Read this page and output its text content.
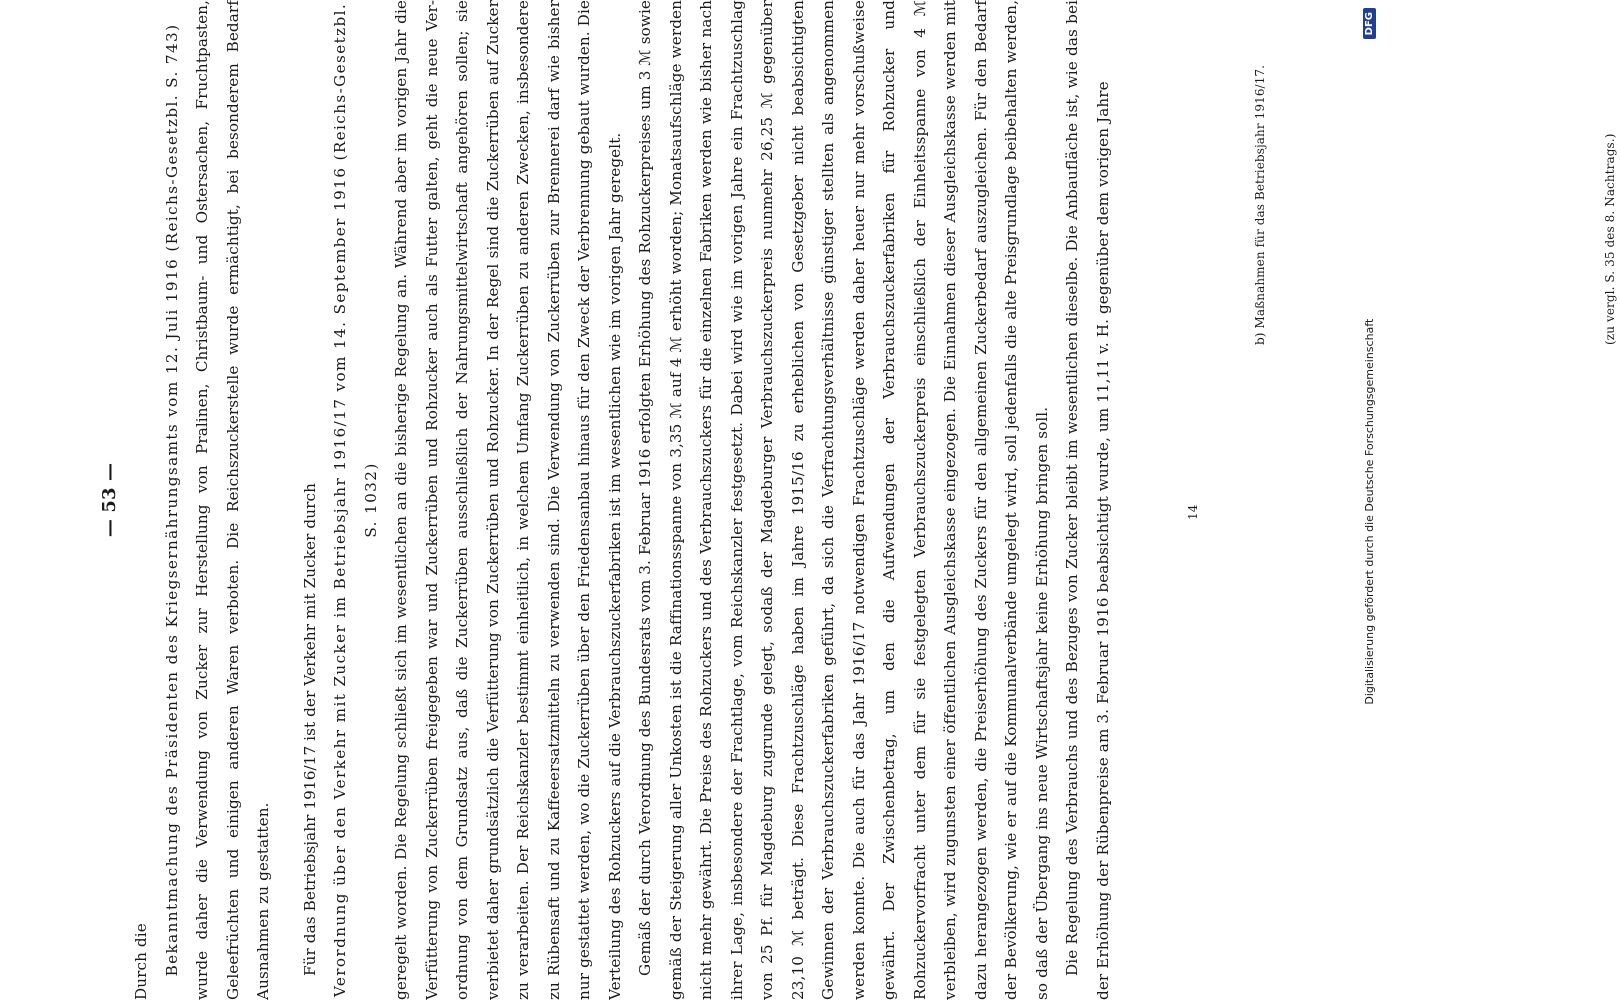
— 53 —
Durch die Bekanntmachung des Präsidenten des Kriegsernährungsamts vom 12. Juli 1916 (Reichs-Gesetzbl. S. 743) wurde daher die Verwendung von Zucker zur Herstellung von Pralinen, Christbaum- und Ostersachen, Fruchtpasten, Geleefrüchten und einigen anderen Waren verboten. Die Reichszuckerstelle wurde ermächtigt, bei besonderem Bedarf Ausnahmen zu gestatten.	Für das Betriebsjahr 1916/17 ist der Verkehr mit Zucker durch Verordnung über den Verkehr mit Zucker im Betriebsjahr 1916/17 vom 14. September 1916 (Reichs-Gesetzbl. S. 1032) geregelt worden. Die Regelung schließt sich im wesentlichen an die bisherige Regelung an. Während aber im vorigen Jahr die Verfütterung von Zuckerrüben freigegeben war und Zuckerrüben und Rohzucker auch als Futter galten, geht die neue Verordnung von dem Grundsatz aus, daß die Zuckerrüben ausschließlich der Nahrungsmittelwirtschaft angehören sollen; sie verbietet daher grundsätzlich die Verfütterung von Zuckerrüben und Rohzucker. In der Regel sind die Zuckerrüben auf Zucker zu verarbeiten. Der Reichskanzler bestimmt einheitlich, in welchem Umfang Zuckerrüben zu anderen Zwecken, insbesondere zu Rübensaft und zu Kaffeeersatzmitteln zu verwenden sind. Die Verwendung von Zuckerrüben zur Brennerei darf wie bisher nur gestattet werden, wo die Zuckerrüben über den Friedensanbau hinaus für den Zweck der Verbrennung gebaut wurden. Die Verteilung des Rohzuckers auf die Verbrauchszuckerfabriken ist im wesentlichen wie im vorigen Jahr geregelt. Gemäß der durch Verordnung des Bundesrats vom 3. Februar 1916 erfolgten Erhöhung des Rohzuckerpreises um 3 ℳ sowie gemäß der Steigerung aller Unkosten ist die Raffinationsspanne von 3,35 ℳ auf 4 ℳ erhöht worden; Monatsaufschläge werden nicht mehr gewährt. Die Preise des Rohzuckers und des Verbrauchszuckers für die einzelnen Fabriken werden wie bisher nach ihrer Lage, insbesondere der Frachtlage, vom Reichskanzler festgesetzt. Dabei wird wie im vorigen Jahre ein Frachtzuschlag von 25 Pf. für Magdeburg zugrunde gelegt, sodaß der Magdeburger Verbrauchszuckerpreis nunmehr 26,25 ℳ gegenüber 23,10 ℳ beträgt. Diese Frachtzuschläge haben im Jahre 1915/16 zu erheblichen von Gesetzgeber nicht beabsichtigten Gewinnen der Verbrauchszuckerfabriken geführt, da sich die Verfrachtungsverhältnisse günstiger stellten als angenommen werden konnte. Die auch für das Jahr 1916/17 notwendigen Frachtzuschläge werden daher heuer nur mehr vorschußweise gewährt. Der Zwischenbetrag, um den die Aufwendungen der Verbrauchszuckerfabriken für Rohzucker und Rohzuckervorfracht unter dem für sie festgelegten Verbrauchszuckerpreis einschließlich der Einheitsspanne von 4 ℳ verbleiben, wird zugunsten einer öffentlichen Ausgleichskasse eingezogen. Die Einnahmen dieser Ausgleichskasse werden mit dazu herangezogen werden, die Preiserhöhung des Zuckers für den allgemeinen Zuckerbedarf auszugleichen. Für den Bedarf der Bevölkerung, wie er auf die Kommunalverbände umgelegt wird, soll jedenfalls die alte Preisgrundlage beibehalten werden, so daß der Übergang ins neue Wirtschaftsjahr keine Erhöhung bringen soll. Die Regelung des Verbrauchs und des Bezuges von Zucker bleibt im wesentlichen dieselbe. Die Anbaufläche ist, wie das bei der Erhöhung der Rübenpreise am 3. Februar 1916 beabsichtigt wurde, um 11,11 v. H. gegenüber dem vorigen Jahre	14
b) Maßnahmen für das Betriebsjahr 1916/17.	(zu vergl. S. 35 des 8. Nachtrags.)
Digitalisierung gefördert durch die Deutsche Forschungsgemeinschaft
DFG
